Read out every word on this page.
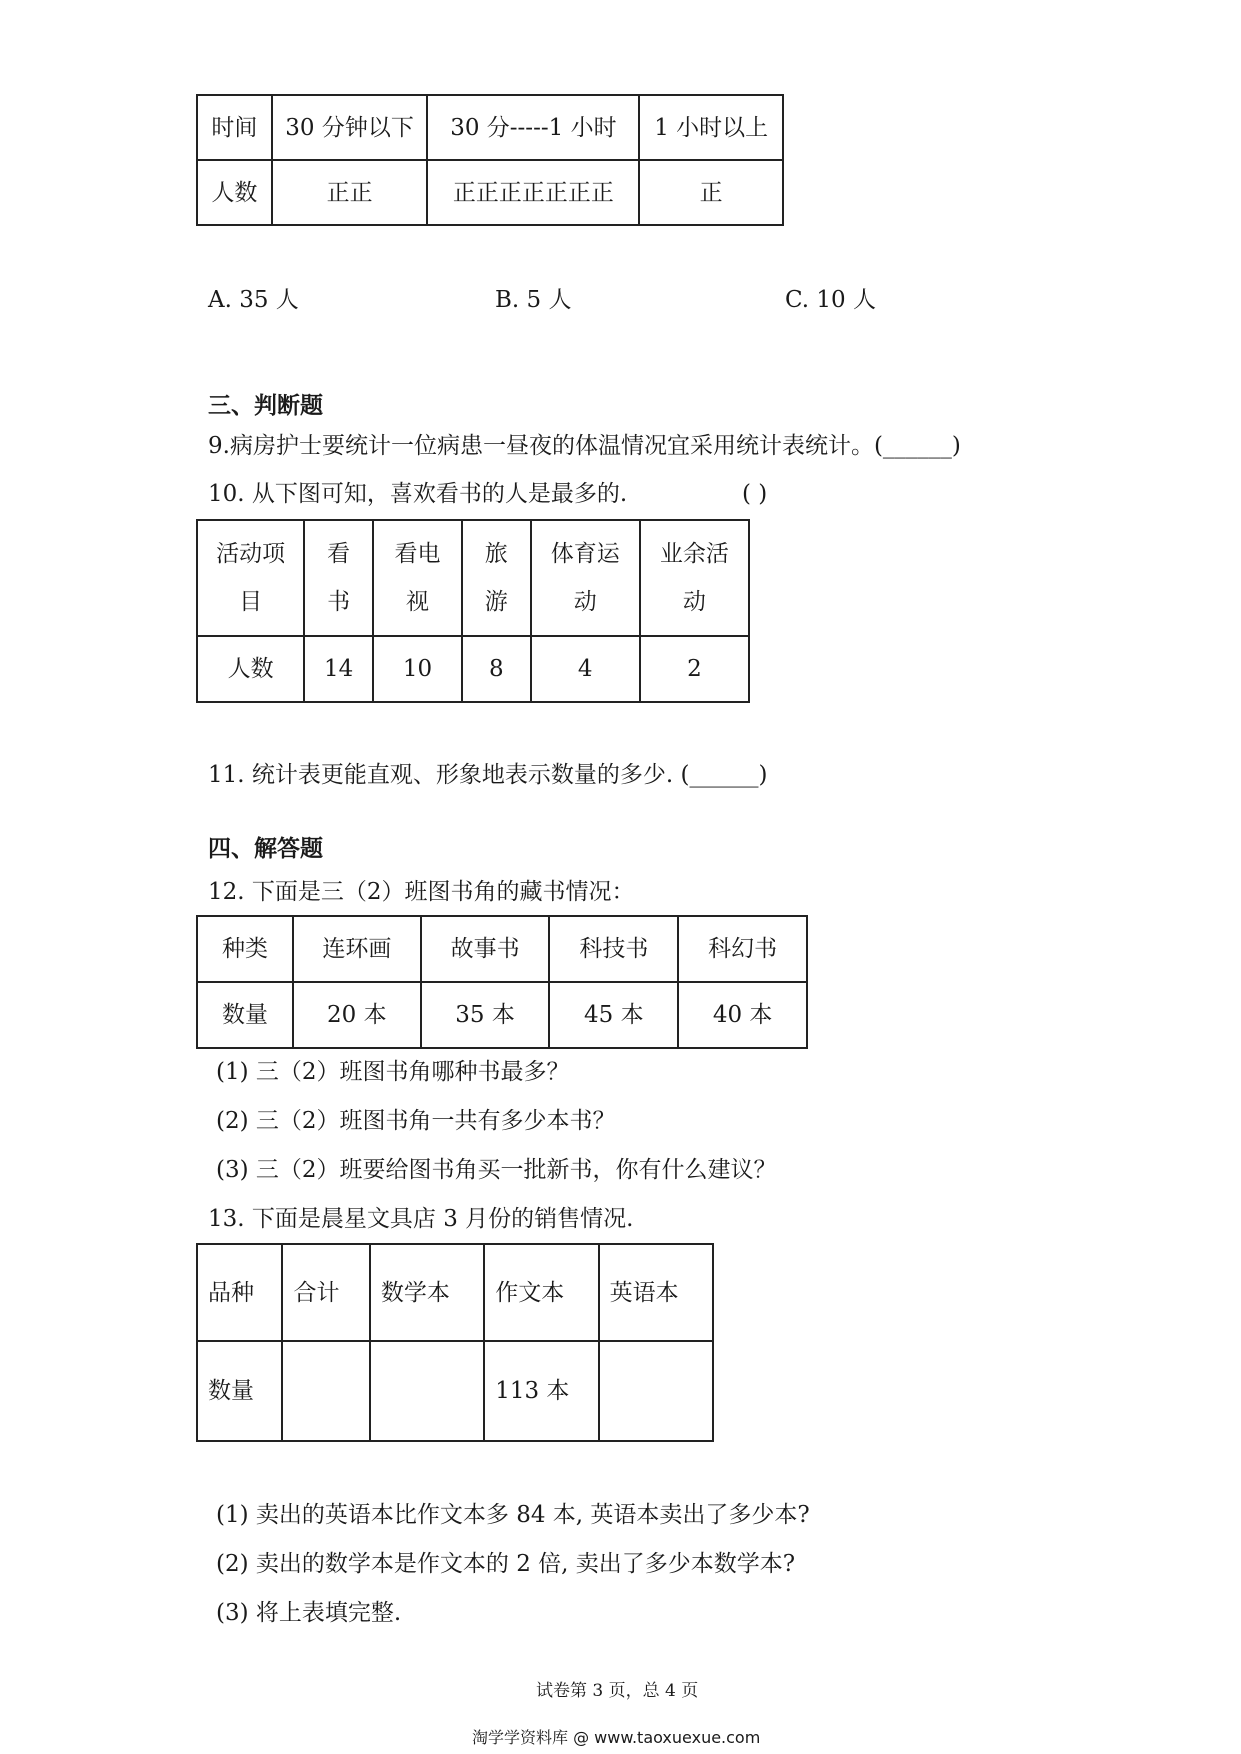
时间	30 分钟以下	30 分-----1 小时	1 小时以上
人数	正正	正正正正正正正	正
A. 35 人	B. 5 人	C. 10 人
三、判断题
9.病房护士要统计一位病患一昼夜的体温情况宜采用统计表统计。(______)
10. 从下图可知，喜欢看书的人是最多的.	( )
活动项目	看书	看电视	旅游	体育运动	业余活动
人数	14	10	8	4	2
11. 统计表更能直观、形象地表示数量的多少. (______)
四、解答题
12. 下面是三（2）班图书角的藏书情况：
种类	连环画	故事书	科技书	科幻书
数量	20 本	35 本	45 本	40 本
(1) 三（2）班图书角哪种书最多？
(2) 三（2）班图书角一共有多少本书？
(3) 三（2）班要给图书角买一批新书，你有什么建议？
13. 下面是晨星文具店 3 月份的销售情况.
品种	合计	数学本	作文本	英语本
数量			113 本	
(1) 卖出的英语本比作文本多 84 本, 英语本卖出了多少本?
(2) 卖出的数学本是作文本的 2 倍, 卖出了多少本数学本?
(3) 将上表填完整.
试卷第 3 页，总 4 页
淘学学资料库 @ www.taoxuexue.com
